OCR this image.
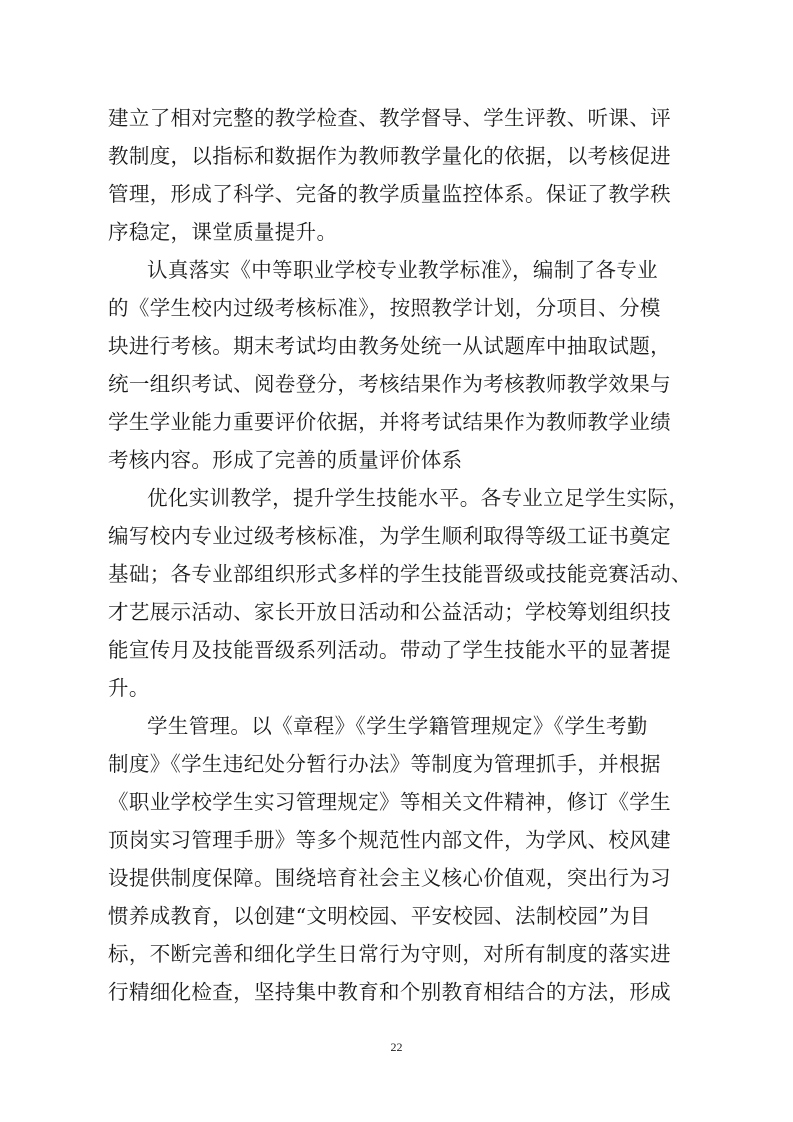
建立了相对完整的教学检查、教学督导、学生评教、听课、评
教制度，以指标和数据作为教师教学量化的依据，以考核促进
管理，形成了科学、完备的教学质量监控体系。保证了教学秩
序稳定，课堂质量提升。
认真落实《中等职业学校专业教学标准》，编制了各专业
的《学生校内过级考核标准》，按照教学计划，分项目、分模
块进行考核。期末考试均由教务处统一从试题库中抽取试题，
统一组织考试、阅卷登分，考核结果作为考核教师教学效果与
学生学业能力重要评价依据，并将考试结果作为教师教学业绩
考核内容。形成了完善的质量评价体系
优化实训教学，提升学生技能水平。各专业立足学生实际，
编写校内专业过级考核标准，为学生顺利取得等级工证书奠定
基础；各专业部组织形式多样的学生技能晋级或技能竞赛活动、
才艺展示活动、家长开放日活动和公益活动；学校筹划组织技
能宣传月及技能晋级系列活动。带动了学生技能水平的显著提
升。
学生管理。以《章程》《学生学籍管理规定》《学生考勤
制度》《学生违纪处分暂行办法》等制度为管理抓手，并根据
《职业学校学生实习管理规定》等相关文件精神，修订《学生
顶岗实习管理手册》等多个规范性内部文件，为学风、校风建
设提供制度保障。围绕培育社会主义核心价值观，突出行为习
惯养成教育，以创建“文明校园、平安校园、法制校园”为目
标，不断完善和细化学生日常行为守则，对所有制度的落实进
行精细化检查，坚持集中教育和个别教育相结合的方法，形成
22
